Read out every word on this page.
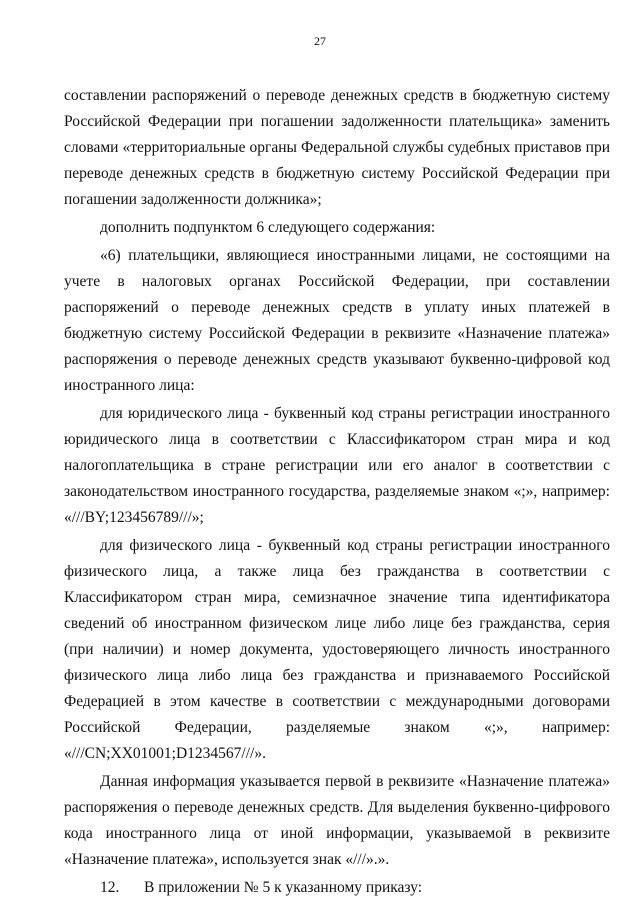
27

составлении распоряжений о переводе денежных средств в бюджетную систему Российской Федерации при погашении задолженности плательщика» заменить словами «территориальные органы Федеральной службы судебных приставов при переводе денежных средств в бюджетную систему Российской Федерации при погашении задолженности должника»;

дополнить подпунктом 6 следующего содержания:

«6) плательщики, являющиеся иностранными лицами, не состоящими на учете в налоговых органах Российской Федерации, при составлении распоряжений о переводе денежных средств в уплату иных платежей в бюджетную систему Российской Федерации в реквизите «Назначение платежа» распоряжения о переводе денежных средств указывают буквенно-цифровой код иностранного лица:

для юридического лица - буквенный код страны регистрации иностранного юридического лица в соответствии с Классификатором стран мира и код налогоплательщика в стране регистрации или его аналог в соответствии с законодательством иностранного государства, разделяемые знаком «;», например: «///BY;123456789///»;

для физического лица - буквенный код страны регистрации иностранного физического лица, а также лица без гражданства в соответствии с Классификатором стран мира, семизначное значение типа идентификатора сведений об иностранном физическом лице либо лице без гражданства, серия (при наличии) и номер документа, удостоверяющего личность иностранного физического лица либо лица без гражданства и признаваемого Российской Федерацией в этом качестве в соответствии с международными договорами Российской Федерации, разделяемые знаком «;», например: «///CN;XX01001;D1234567///».

Данная информация указывается первой в реквизите «Назначение платежа» распоряжения о переводе денежных средств. Для выделения буквенно-цифрового кода иностранного лица от иной информации, указываемой в реквизите «Назначение платежа», используется знак «///».».

12. В приложении № 5 к указанному приказу:
